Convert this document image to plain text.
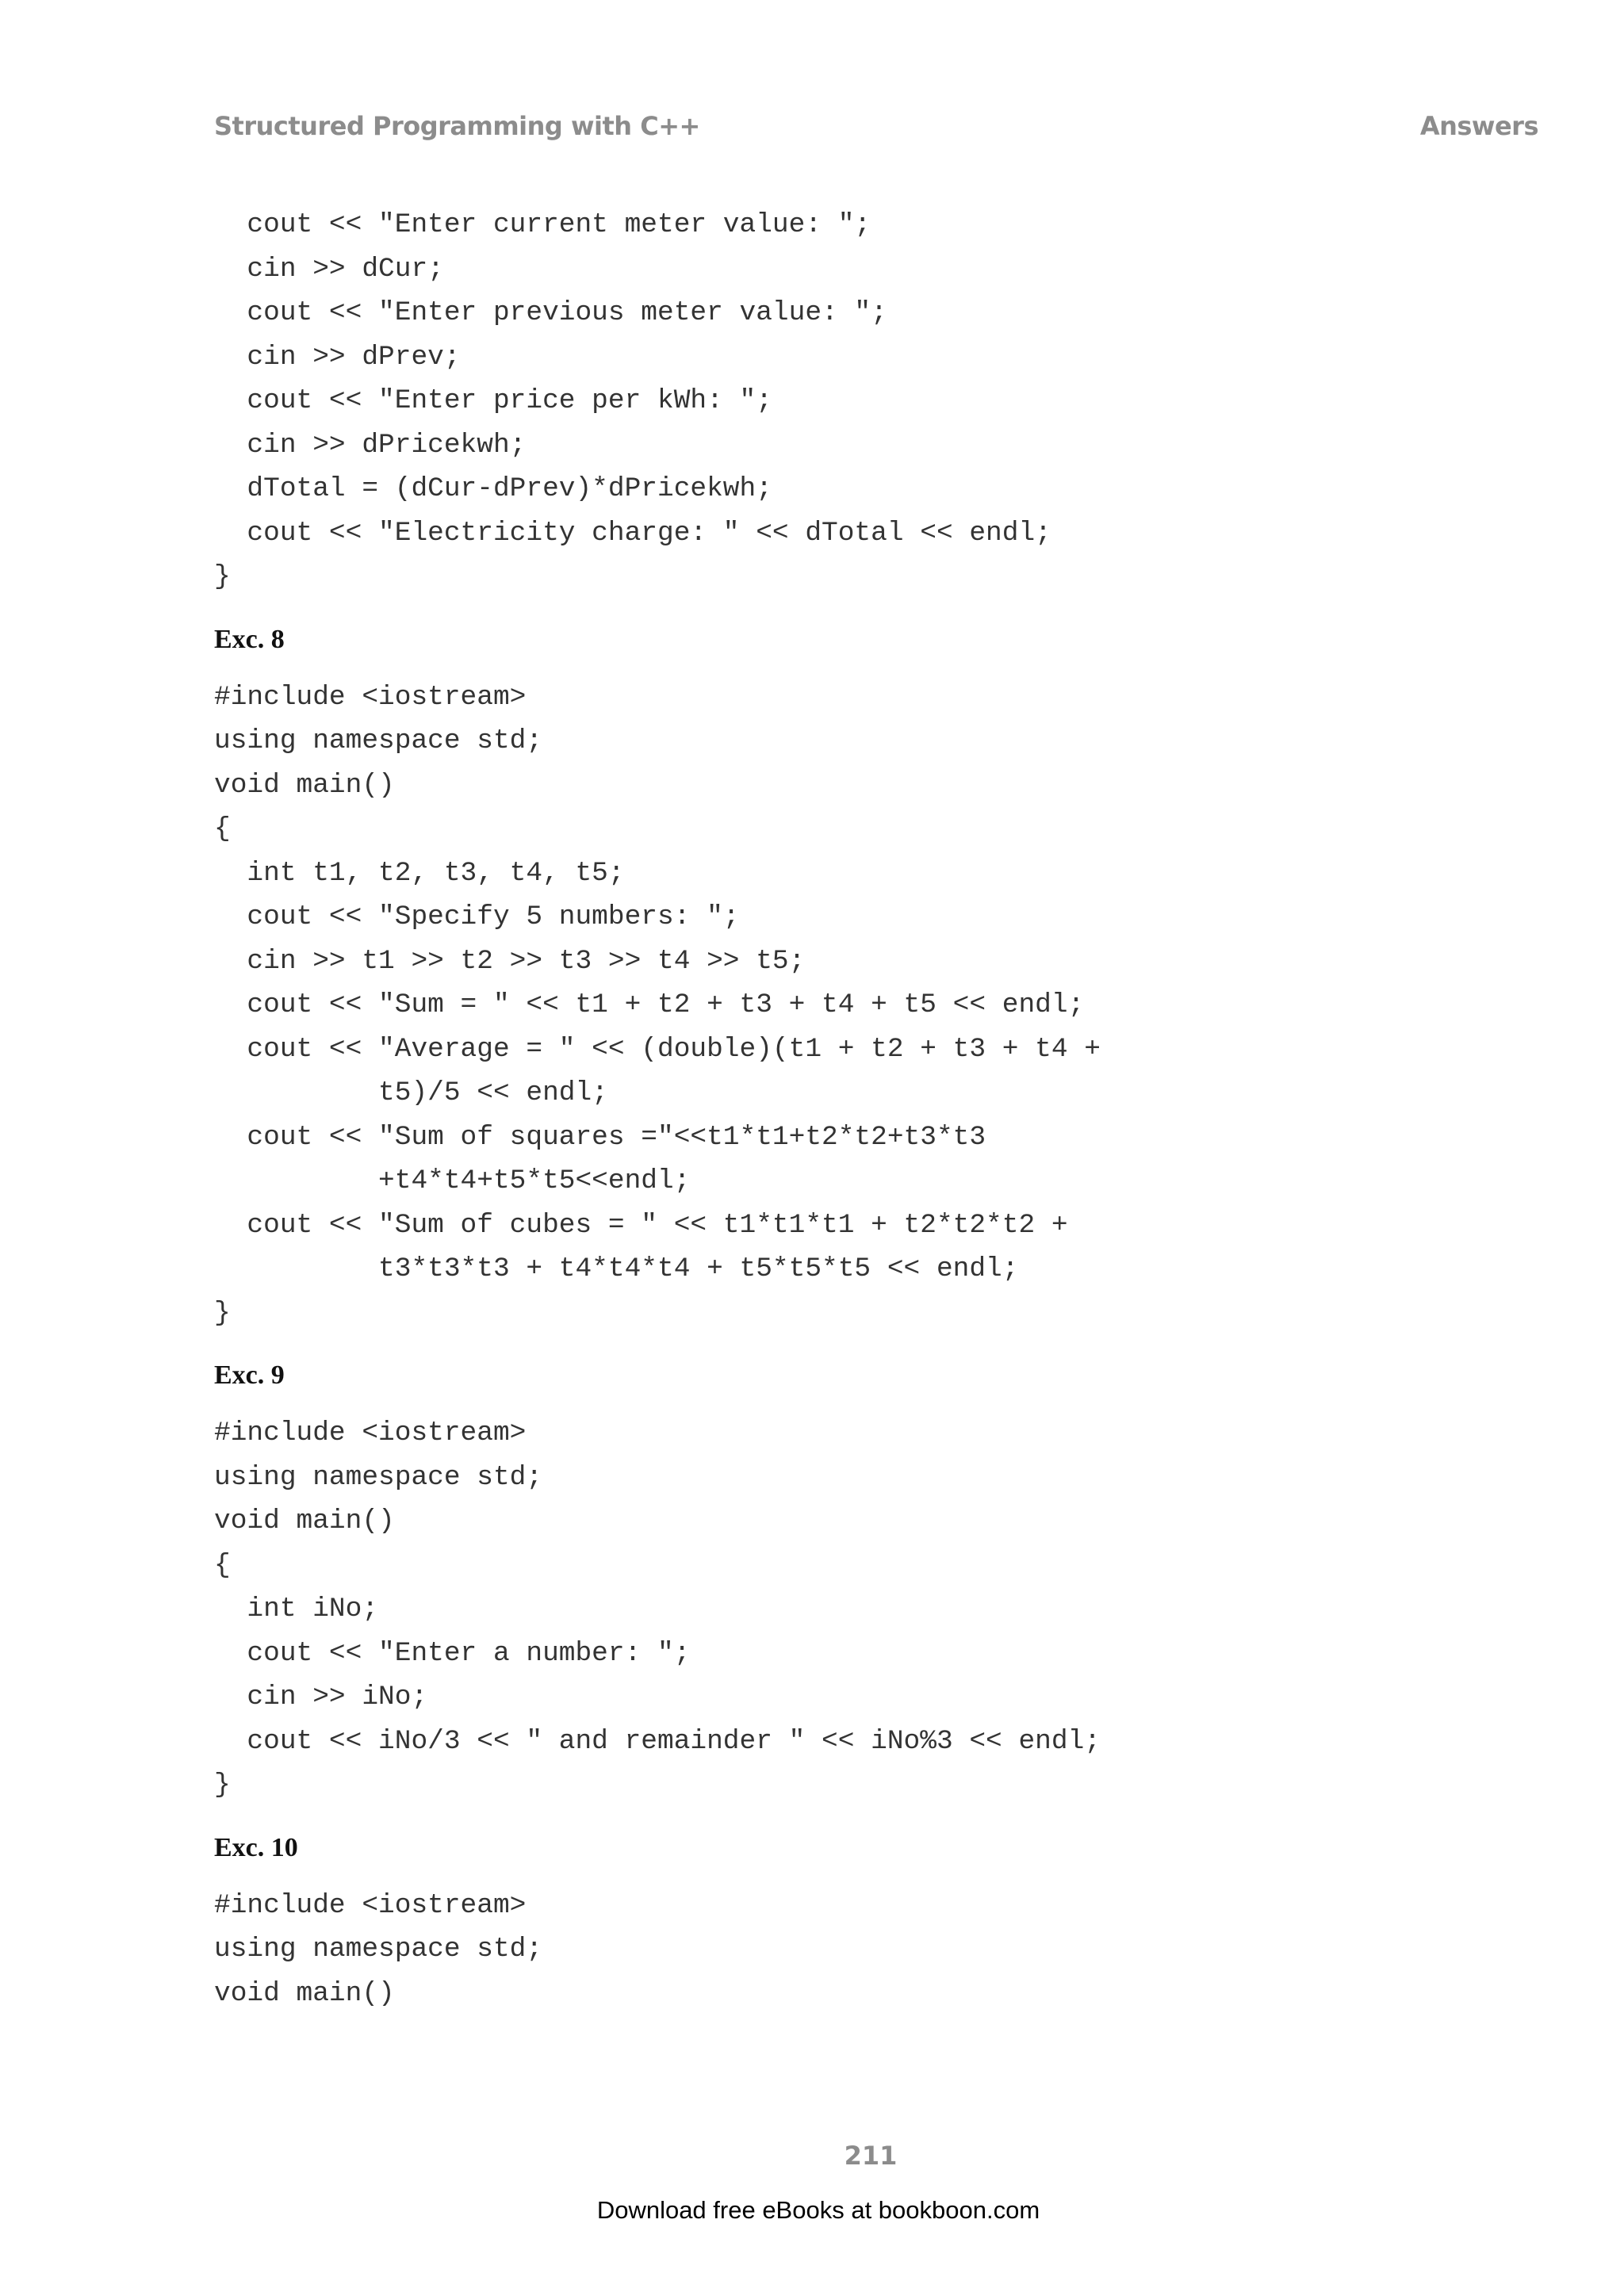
Structured Programming with C++	Answers
cout << "Enter current meter value: ";
cin >> dCur;
cout << "Enter previous meter value: ";
cin >> dPrev;
cout << "Enter price per kWh: ";
cin >> dPricekwh;
dTotal = (dCur-dPrev)*dPricekwh;
cout << "Electricity charge: " << dTotal << endl;
}
Exc. 8
#include <iostream>
using namespace std;
void main()
{
int t1, t2, t3, t4, t5;
cout << "Specify 5 numbers: ";
cin >> t1 >> t2 >> t3 >> t4 >> t5;
cout << "Sum = " << t1 + t2 + t3 + t4 + t5 << endl;
cout << "Average = " << (double)(t1 + t2 + t3 + t4 +
t5)/5 << endl;
cout << "Sum of squares ="<<t1*t1+t2*t2+t3*t3
+t4*t4+t5*t5<<endl;
cout << "Sum of cubes = " << t1*t1*t1 + t2*t2*t2 +
t3*t3*t3 + t4*t4*t4 + t5*t5*t5 << endl;
}
Exc. 9
#include <iostream>
using namespace std;
void main()
{
int iNo;
cout << "Enter a number: ";
cin >> iNo;
cout << iNo/3 << " and remainder " << iNo%3 << endl;
}
Exc. 10
#include <iostream>
using namespace std;
void main()
211
Download free eBooks at bookboon.com
